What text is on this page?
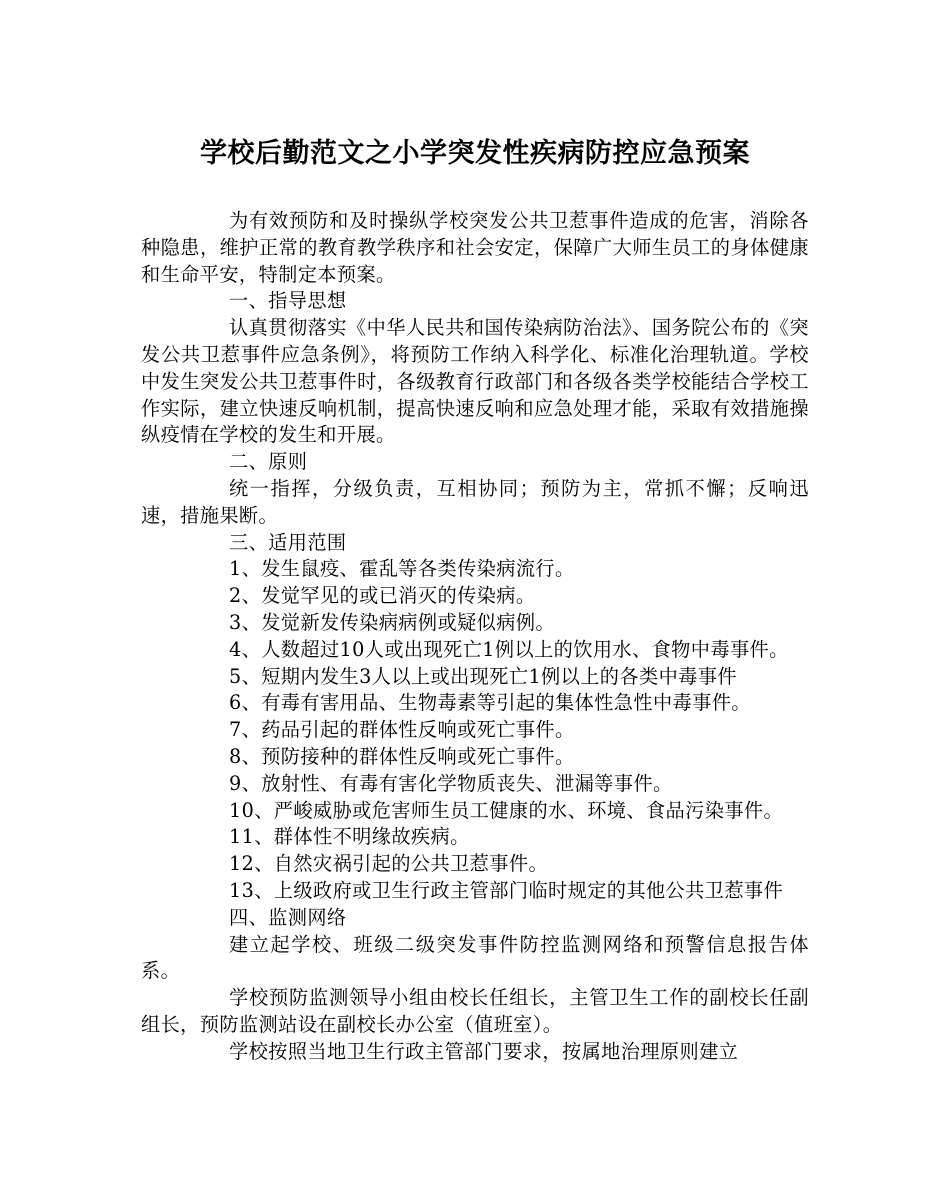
学校后勤范文之小学突发性疾病防控应急预案

为有效预防和及时操纵学校突发公共卫惹事件造成的危害，消除各种隐患，维护正常的教育教学秩序和社会安定，保障广大师生员工的身体健康和生命平安，特制定本预案。

一、指导思想

认真贯彻落实《中华人民共和国传染病防治法》、国务院公布的《突发公共卫惹事件应急条例》，将预防工作纳入科学化、标准化治理轨道。学校中发生突发公共卫惹事件时，各级教育行政部门和各级各类学校能结合学校工作实际，建立快速反响机制，提高快速反响和应急处理才能，采取有效措施操纵疫情在学校的发生和开展。

二、原则

统一指挥，分级负责，互相协同；预防为主，常抓不懈；反响迅速，措施果断。

三、适用范围

1、发生鼠疫、霍乱等各类传染病流行。

2、发觉罕见的或已消灭的传染病。

3、发觉新发传染病病例或疑似病例。

4、人数超过10人或出现死亡1例以上的饮用水、食物中毒事件。

5、短期内发生3人以上或出现死亡1例以上的各类中毒事件

6、有毒有害用品、生物毒素等引起的集体性急性中毒事件。

7、药品引起的群体性反响或死亡事件。

8、预防接种的群体性反响或死亡事件。

9、放射性、有毒有害化学物质丧失、泄漏等事件。

10、严峻威胁或危害师生员工健康的水、环境、食品污染事件。

11、群体性不明缘故疾病。

12、自然灾祸引起的公共卫惹事件。

13、上级政府或卫生行政主管部门临时规定的其他公共卫惹事件

四、监测网络

建立起学校、班级二级突发事件防控监测网络和预警信息报告体系。

学校预防监测领导小组由校长任组长，主管卫生工作的副校长任副组长，预防监测站设在副校长办公室（值班室）。

学校按照当地卫生行政主管部门要求，按属地治理原则建立
